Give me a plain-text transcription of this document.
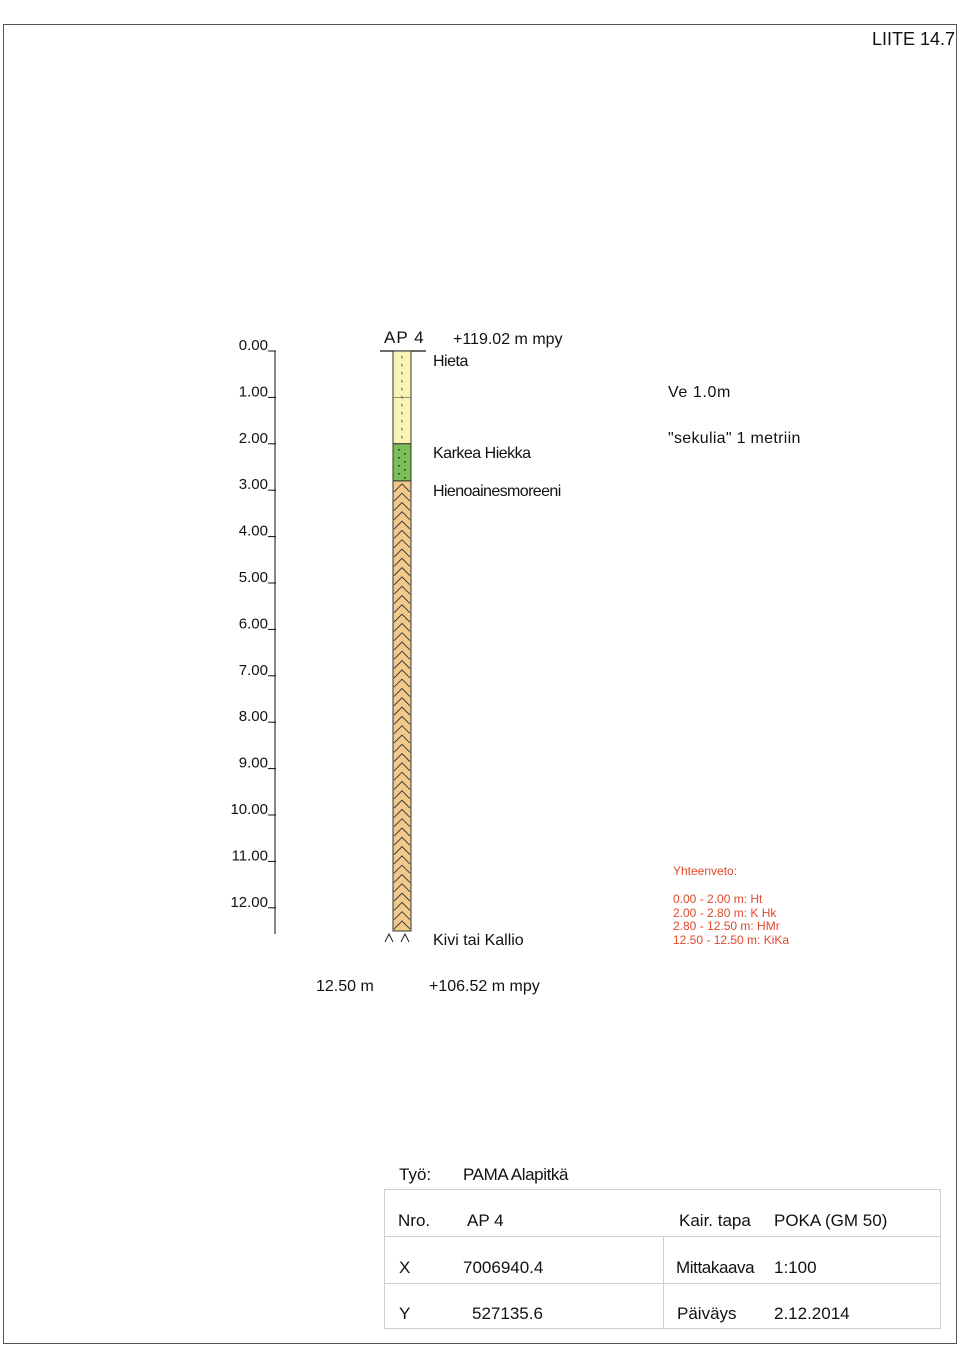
LIITE 14.7
0.00
1.00
2.00
3.00
4.00
5.00
6.00
7.00
8.00
9.00
10.00
11.00
12.00
AP 4 +119.02 m mpy
Hieta
Karkea Hiekka
Hienoainesmoreeni
Kivi tai Kallio
Ve 1.0m
"sekulia" 1 metriin
12.50 m	+106.52 m mpy
Yhteenveto:
0.00 - 2.00 m: Ht
2.00 - 2.80 m: K Hk
2.80 - 12.50 m: HMr
12.50 - 12.50 m: KiKa
Työ: PAMA Alapitkä
Nro. AP 4	Kair. tapa POKA (GM 50)
X	7006940.4	Mittakaava 1:100
Y	527135.6	Päiväys 2.12.2014
